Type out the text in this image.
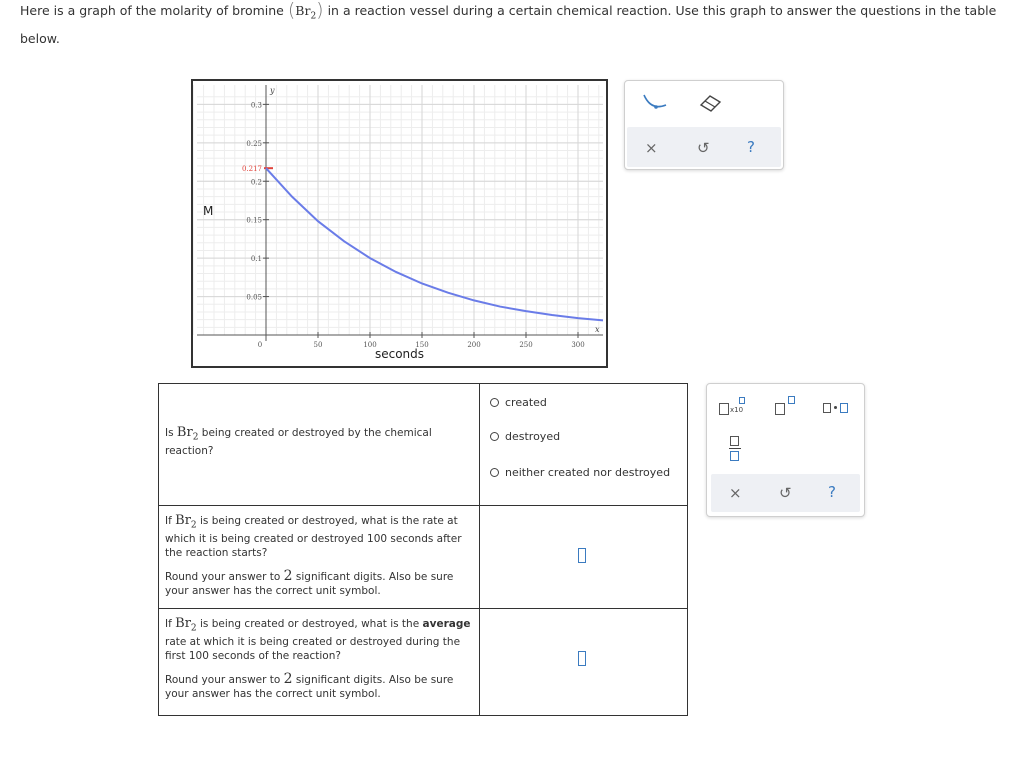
Here is a graph of the molarity of bromine $(Br_2)$ in a reaction vessel during a certain chemical reaction. Use this graph to answer the questions in the table below.
y
x
0	50	100	150	200	250	300
0.05
0.1
0.15
0.2
0.25
0.3
0.217
M
seconds
×	↺ ?
Is $Br_2$ being created or destroyed by the chemical reaction?	created
destroyed
neither created nor destroyed

If $Br_2$ is being created or destroyed, what is the rate at which it is being created or destroyed 100 seconds after the reaction starts?
Round your answer to 2 significant digits. Also be sure your answer has the correct unit symbol.	

If $Br_2$ is being created or destroyed, what is the average rate at which it is being created or destroyed during the first 100 seconds of the reaction?
Round your answer to 2 significant digits. Also be sure your answer has the correct unit symbol.	

x10
× ↺ ?
